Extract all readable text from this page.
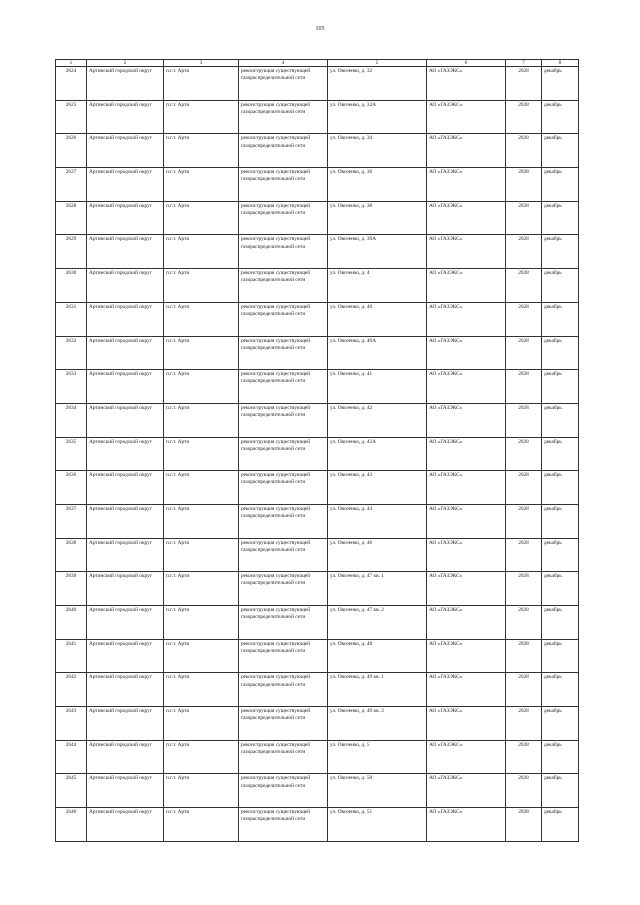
105
1	2	3	4	5	6	7	8
2624	Артинский городской округ	п.г.т. Арти	реконструкция существующей газораспределительной сети	ул. Овсеенко, д. 32	АО «ГАЗЭКС»	2028	декабрь
2625	Артинский городской округ	п.г.т. Арти	реконструкция существующей газораспределительной сети	ул. Овсеенко, д. 32А	АО «ГАЗЭКС»	2028	декабрь
2626	Артинский городской округ	п.г.т. Арти	реконструкция существующей газораспределительной сети	ул. Овсеенко, д. 34	АО «ГАЗЭКС»	2028	декабрь
2627	Артинский городской округ	п.г.т. Арти	реконструкция существующей газораспределительной сети	ул. Овсеенко, д. 36	АО «ГАЗЭКС»	2028	декабрь
2628	Артинский городской округ	п.г.т. Арти	реконструкция существующей газораспределительной сети	ул. Овсеенко, д. 38	АО «ГАЗЭКС»	2028	декабрь
2629	Артинский городской округ	п.г.т. Арти	реконструкция существующей газораспределительной сети	ул. Овсеенко, д. 39А	АО «ГАЗЭКС»	2028	декабрь
2630	Артинский городской округ	п.г.т. Арти	реконструкция существующей газораспределительной сети	ул. Овсеенко, д. 4	АО «ГАЗЭКС»	2028	декабрь
2631	Артинский городской округ	п.г.т. Арти	реконструкция существующей газораспределительной сети	ул. Овсеенко, д. 40	АО «ГАЗЭКС»	2028	декабрь
2632	Артинский городской округ	п.г.т. Арти	реконструкция существующей газораспределительной сети	ул. Овсеенко, д. 40А	АО «ГАЗЭКС»	2028	декабрь
2633	Артинский городской округ	п.г.т. Арти	реконструкция существующей газораспределительной сети	ул. Овсеенко, д. 41	АО «ГАЗЭКС»	2028	декабрь
2634	Артинский городской округ	п.г.т. Арти	реконструкция существующей газораспределительной сети	ул. Овсеенко, д. 42	АО «ГАЗЭКС»	2028	декабрь
2635	Артинский городской округ	п.г.т. Арти	реконструкция существующей газораспределительной сети	ул. Овсеенко, д. 42А	АО «ГАЗЭКС»	2028	декабрь
2636	Артинский городской округ	п.г.т. Арти	реконструкция существующей газораспределительной сети	ул. Овсеенко, д. 43	АО «ГАЗЭКС»	2028	декабрь
2637	Артинский городской округ	п.г.т. Арти	реконструкция существующей газораспределительной сети	ул. Овсеенко, д. 44	АО «ГАЗЭКС»	2028	декабрь
2638	Артинский городской округ	п.г.т. Арти	реконструкция существующей газораспределительной сети	ул. Овсеенко, д. 46	АО «ГАЗЭКС»	2028	декабрь
2639	Артинский городской округ	п.г.т. Арти	реконструкция существующей газораспределительной сети	ул. Овсеенко, д. 47 кв. 1	АО «ГАЗЭКС»	2028	декабрь
2640	Артинский городской округ	п.г.т. Арти	реконструкция существующей газораспределительной сети	ул. Овсеенко, д. 47 кв. 2	АО «ГАЗЭКС»	2028	декабрь
2641	Артинский городской округ	п.г.т. Арти	реконструкция существующей газораспределительной сети	ул. Овсеенко, д. 48	АО «ГАЗЭКС»	2028	декабрь
2642	Артинский городской округ	п.г.т. Арти	реконструкция существующей газораспределительной сети	ул. Овсеенко, д. 49 кв. 1	АО «ГАЗЭКС»	2028	декабрь
2643	Артинский городской округ	п.г.т. Арти	реконструкция существующей газораспределительной сети	ул. Овсеенко, д. 49 кв. 2	АО «ГАЗЭКС»	2028	декабрь
2644	Артинский городской округ	п.г.т. Арти	реконструкция существующей газораспределительной сети	ул. Овсеенко, д. 5	АО «ГАЗЭКС»	2028	декабрь
2645	Артинский городской округ	п.г.т. Арти	реконструкция существующей газораспределительной сети	ул. Овсеенко, д. 50	АО «ГАЗЭКС»	2028	декабрь
2646	Артинский городской округ	п.г.т. Арти	реконструкция существующей газораспределительной сети	ул. Овсеенко, д. 51	АО «ГАЗЭКС»	2028	декабрь
